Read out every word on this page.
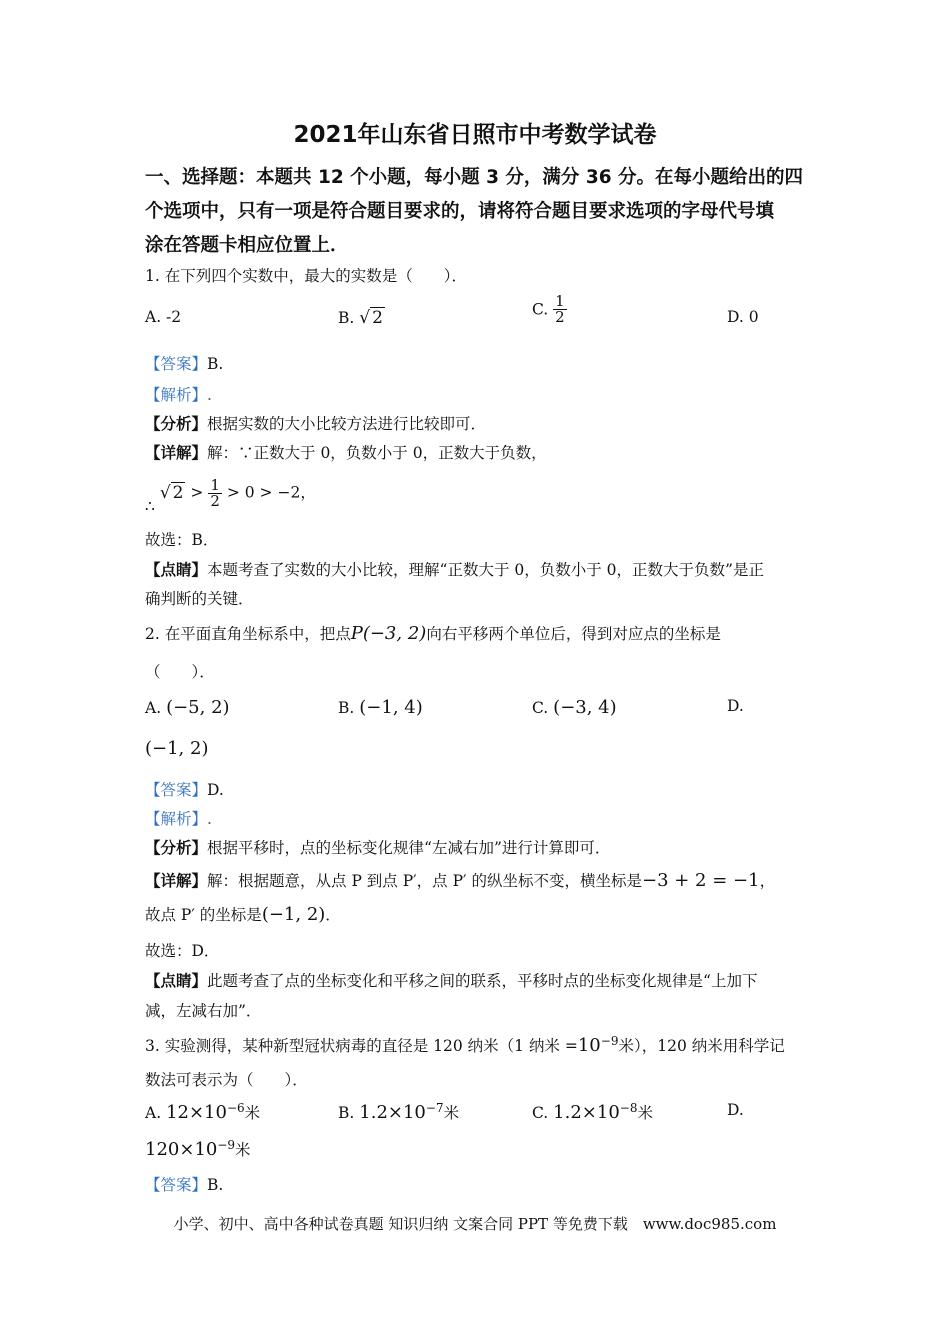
2021年山东省日照市中考数学试卷
一、选择题：本题共 12 个小题，每小题 3 分，满分 36 分。在每小题给出的四
个选项中，只有一项是符合题目要求的，请将符合题目要求选项的字母代号填
涂在答题卡相应位置上．
1. 在下列四个实数中，最大的实数是（　　）．
A. -2	B. √ 2	C. $\frac{1}{2}$	D. 0
【答案】B.
【解析】.
【分析】根据实数的大小比较方法进行比较即可．
【详解】解：∵正数大于 0，负数小于 0，正数大于负数，
∴ √ $2 > \frac{1}{2} > 0 > -2$，
故选：B．
【点睛】本题考查了实数的大小比较，理解“正数大于 0，负数小于 0，正数大于负数”是正
确判断的关键．
2. 在平面直角坐标系中，把点P(−3, 2)向右平移两个单位后，得到对应点的坐标是
（　　）．
A. (−5, 2)	B. (−1, 4)	C. (−3, 4)	D.
(−1, 2)
【答案】D.
【解析】.
【分析】根据平移时，点的坐标变化规律“左减右加”进行计算即可．
【详解】解：根据题意，从点 P 到点 P′，点 P′ 的纵坐标不变，横坐标是−3 + 2 = −1，
故点 P′ 的坐标是(−1, 2)．
故选：D．
【点睛】此题考查了点的坐标变化和平移之间的联系，平移时点的坐标变化规律是“上加下
减，左减右加”．
3. 实验测得，某种新型冠状病毒的直径是 120 纳米（1 纳米 $=10^{-9}$米），120 纳米用科学记
数法可表示为（　　）．
A. $12\times 10^{-6}$米	B. $1.2\times 10^{-7}$米	C. $1.2\times 10^{-8}$米	D.
$120\times 10^{-9}$米
【答案】B.
小学、初中、高中各种试卷真题 知识归纳 文案合同 PPT 等免费下载　www.doc985.com
